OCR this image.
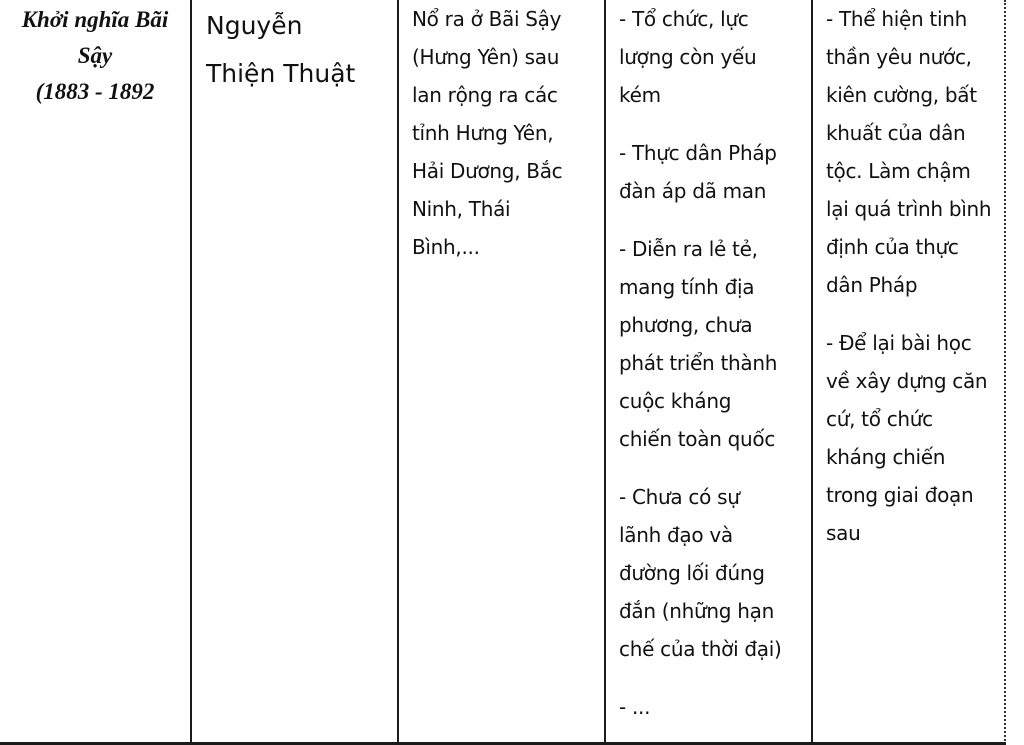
Khởi nghĩa Bãi
Sậy
(1883 - 1892
Nguyễn
Thiện Thuật
Nổ ra ở Bãi Sậy
(Hưng Yên) sau
lan rộng ra các
tỉnh Hưng Yên,
Hải Dương, Bắc
Ninh, Thái
Bình,...

- Tổ chức, lực
lượng còn yếu
kém

- Thực dân Pháp
đàn áp dã man

- Diễn ra lẻ tẻ,
mang tính địa
phương, chưa
phát triển thành
cuộc kháng
chiến toàn quốc

- Chưa có sự
lãnh đạo và
đường lối đúng
đắn (những hạn
chế của thời đại)

- ...

- Thể hiện tinh
thần yêu nước,
kiên cường, bất
khuất của dân
tộc. Làm chậm
lại quá trình bình
định của thực
dân Pháp

- Để lại bài học
về xây dựng căn
cứ, tổ chức
kháng chiến
trong giai đoạn
sau
